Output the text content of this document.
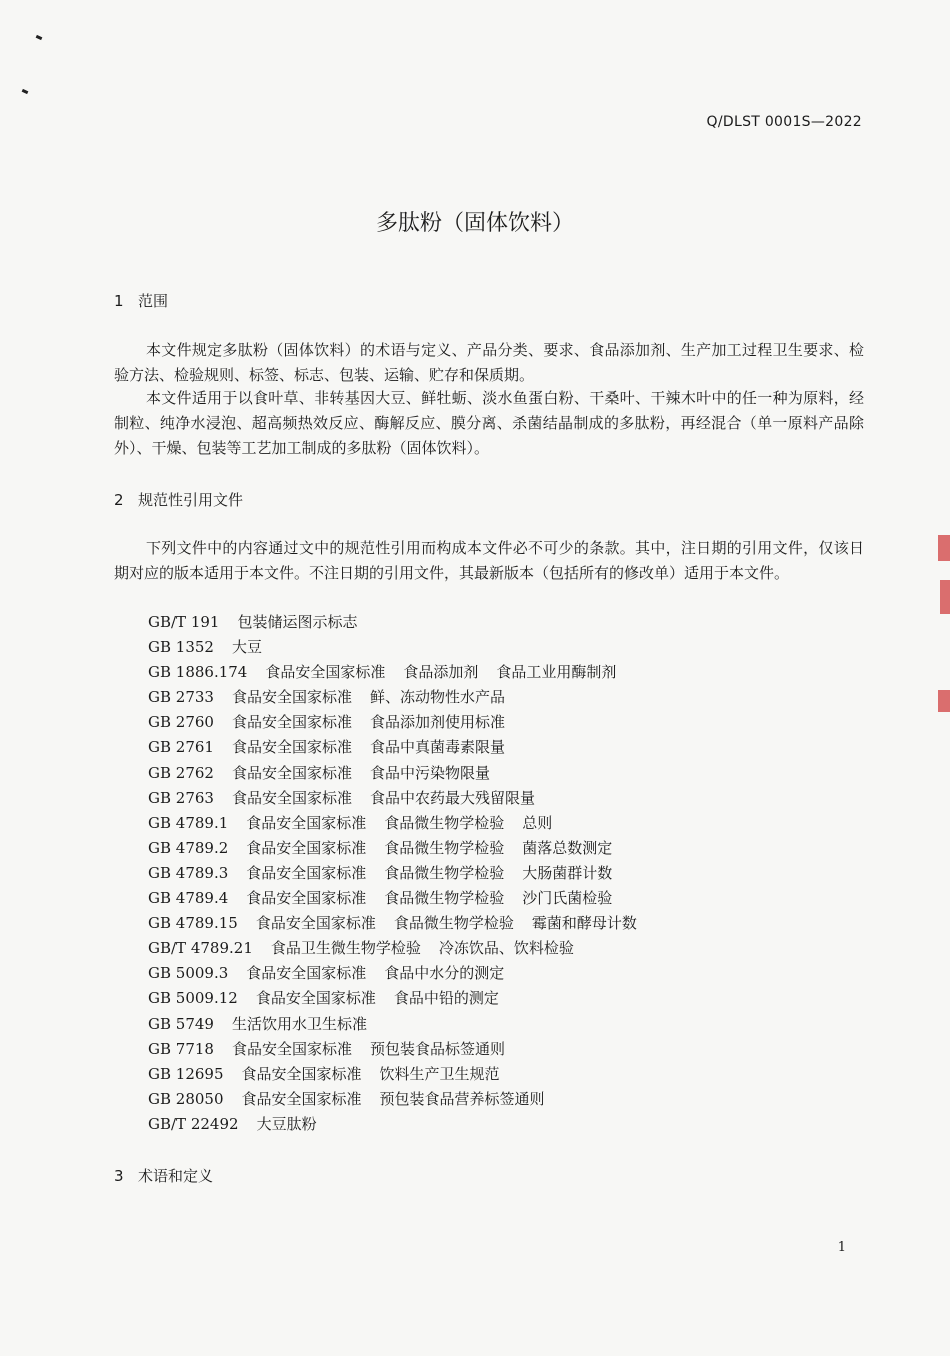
Q/DLST 0001S—2022
多肽粉（固体饮料）
1 范围
本文件规定多肽粉（固体饮料）的术语与定义、产品分类、要求、食品添加剂、生产加工过程卫生要求、检验方法、检验规则、标签、标志、包装、运输、贮存和保质期。
本文件适用于以食叶草、非转基因大豆、鲜牡蛎、淡水鱼蛋白粉、干桑叶、干辣木叶中的任一种为原料，经制粒、纯净水浸泡、超高频热效反应、酶解反应、膜分离、杀菌结晶制成的多肽粉，再经混合（单一原料产品除外）、干燥、包装等工艺加工制成的多肽粉（固体饮料）。
2 规范性引用文件
下列文件中的内容通过文中的规范性引用而构成本文件必不可少的条款。其中，注日期的引用文件，仅该日期对应的版本适用于本文件。不注日期的引用文件，其最新版本（包括所有的修改单）适用于本文件。
GB/T 191 包装储运图示标志
GB 1352 大豆
GB 1886.174 食品安全国家标准 食品添加剂 食品工业用酶制剂
GB 2733 食品安全国家标准 鲜、冻动物性水产品
GB 2760 食品安全国家标准 食品添加剂使用标准
GB 2761 食品安全国家标准 食品中真菌毒素限量
GB 2762 食品安全国家标准 食品中污染物限量
GB 2763 食品安全国家标准 食品中农药最大残留限量
GB 4789.1 食品安全国家标准 食品微生物学检验 总则
GB 4789.2 食品安全国家标准 食品微生物学检验 菌落总数测定
GB 4789.3 食品安全国家标准 食品微生物学检验 大肠菌群计数
GB 4789.4 食品安全国家标准 食品微生物学检验 沙门氏菌检验
GB 4789.15 食品安全国家标准 食品微生物学检验 霉菌和酵母计数
GB/T 4789.21 食品卫生微生物学检验 冷冻饮品、饮料检验
GB 5009.3 食品安全国家标准 食品中水分的测定
GB 5009.12 食品安全国家标准 食品中铅的测定
GB 5749 生活饮用水卫生标准
GB 7718 食品安全国家标准 预包装食品标签通则
GB 12695 食品安全国家标准 饮料生产卫生规范
GB 28050 食品安全国家标准 预包装食品营养标签通则
GB/T 22492 大豆肽粉
3 术语和定义
1
